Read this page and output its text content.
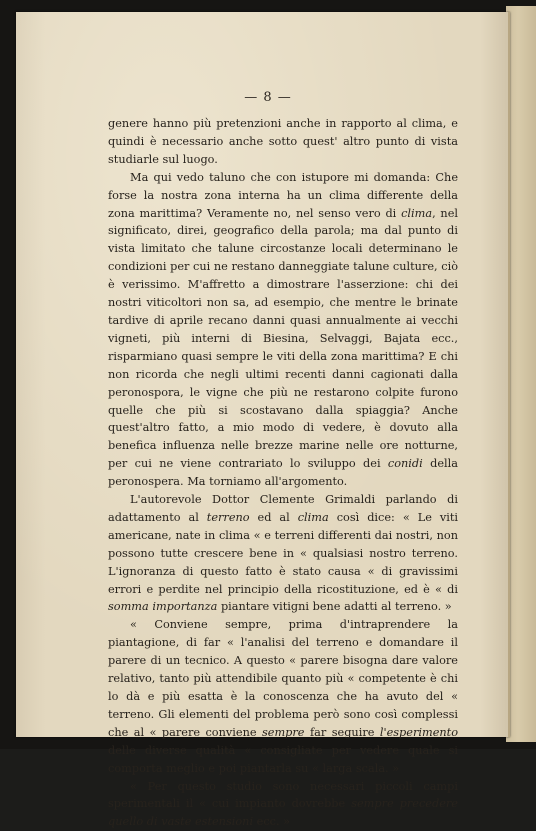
— 8 —

genere hanno più pretenzioni anche in rapporto al clima, e quindi è necessario anche sotto quest' altro punto di vista studiarle sul luogo.

Ma qui vedo taluno che con istupore mi domanda: Che forse la nostra zona interna ha un clima differente della zona marittima? Veramente no, nel senso vero di clima, nel significato, direi, geografico della parola; ma dal punto di vista limitato che talune circostanze locali determinano le condizioni per cui ne restano danneggiate talune culture, ciò è verissimo. M'affretto a dimostrare l'asserzione: chi dei nostri viticoltori non sa, ad esempio, che mentre le brinate tardive di aprile recano danni quasi annualmente ai vecchi vigneti, più interni di Biesina, Selvaggi, Bajata ecc., risparmiano quasi sempre le viti della zona marittima? E chi non ricorda che negli ultimi recenti danni cagionati dalla peronospora, le vigne che più ne restarono colpite furono quelle che più si scostavano dalla spiaggia? Anche quest'altro fatto, a mio modo di vedere, è dovuto alla benefica influenza nelle brezze marine nelle ore notturne, per cui ne viene contrariato lo sviluppo dei conidi della peronospera. Ma torniamo all'argomento.

L'autorevole Dottor Clemente Grimaldi parlando di adattamento al terreno ed al clima così dice: « Le viti americane, nate in clima « e terreni differenti dai nostri, non possono tutte crescere bene in « qualsiasi nostro terreno. L'ignoranza di questo fatto è stato causa « di gravissimi errori e perdite nel principio della ricostituzione, ed è « di somma importanza piantare vitigni bene adatti al terreno. »

« Conviene sempre, prima d'intraprendere la piantagione, di far « l'analisi del terreno e domandare il parere di un tecnico. A questo « parere bisogna dare valore relativo, tanto più attendibile quanto più « competente è chi lo dà e più esatta è la conoscenza che ha avuto del « terreno. Gli elementi del problema però sono così complessi che al « parere conviene sempre far seguire l'esperimento delle diverse qualità « consigliate per vedere quale si comporta meglio e poi piantarla su « larga scala. »

« Per questo studio sono necessari piccoli campi sperimentali il « cui impianto dovrebbe sempre precedere quello di vaste estensioni ecc. »
